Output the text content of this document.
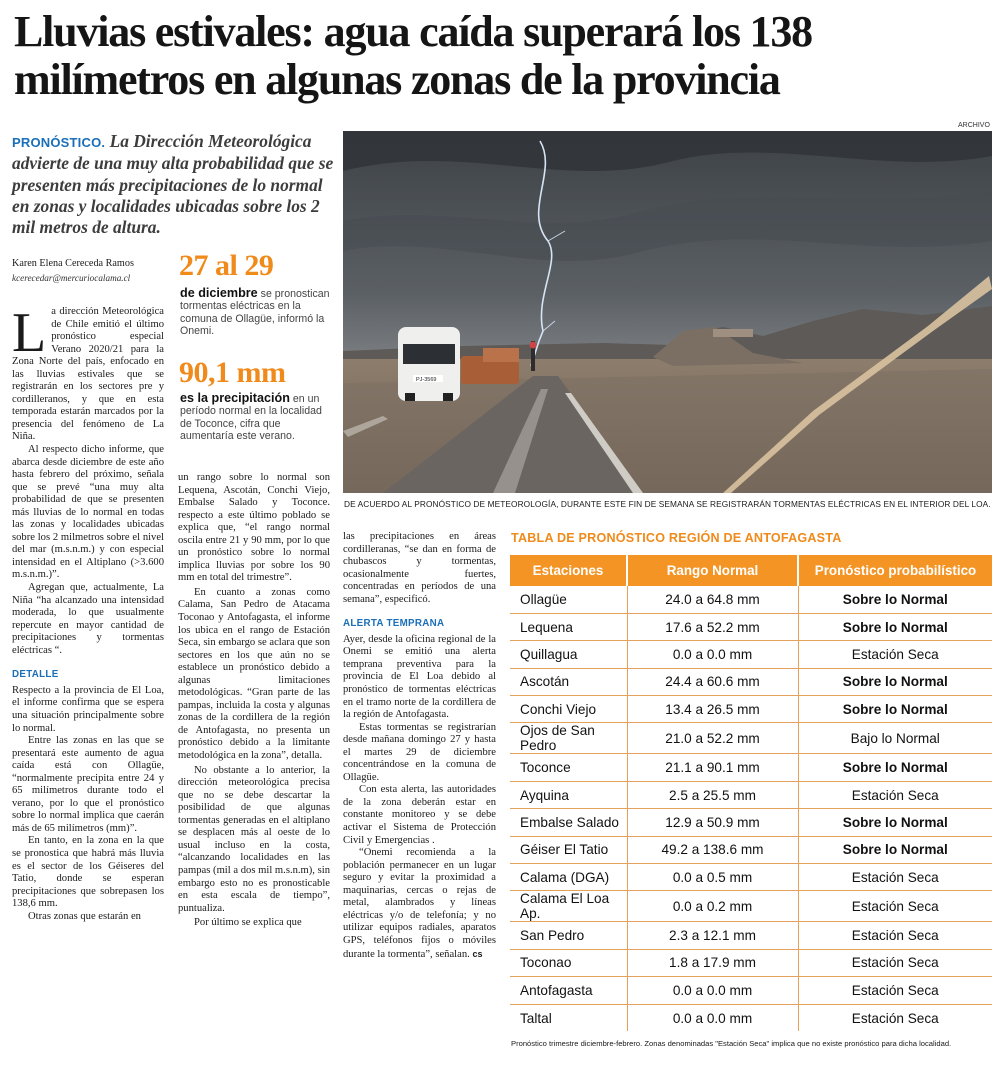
Lluvias estivales: agua caída superará los 138
milímetros en algunas zonas de la provincia
ARCHIVO
PRONÓSTICO. La Dirección Meteorológica advierte de una muy alta probabilidad que se presenten más precipitaciones de lo normal en zonas y localidades ubicadas sobre los 2 mil metros de altura.
Karen Elena Cereceda Ramos
kcerecedar@mercuriocalama.cl

La dirección Meteorológica de Chile emitió el último pronóstico especial Verano 2020/21 para la Zona Norte del país, enfocado en las lluvias estivales que se registrarán en los sectores pre y cordilleranos, y que en esta temporada estarán marcados por la presencia del fenómeno de La Niña.

Al respecto dicho informe, que abarca desde diciembre de este año hasta febrero del próximo, señala que se prevé “una muy alta probabilidad de que se presenten más lluvias de lo normal en todas las zonas y localidades ubicadas sobre los 2 milmetros sobre el nivel del mar (m.s.n.m.) y con especial intensidad en el Altiplano (>3.600 m.s.n.m.)”.

Agregan que, actualmente, La Niña “ha alcanzado una intensidad moderada, lo que usualmente repercute en mayor cantidad de precipitaciones y tormentas eléctricas “.

DETALLE

Respecto a la provincia de El Loa, el informe confirma que se espera una situación principalmente sobre lo normal.

Entre las zonas en las que se presentará este aumento de agua caída está con Ollagüe, “normalmente precipita entre 24 y 65 milímetros durante todo el verano, por lo que el pronóstico sobre lo normal implica que caerán más de 65 milímetros (mm)”.

En tanto, en la zona en la que se pronostica que habrá más lluvia es el sector de los Géiseres del Tatio, donde se esperan precipitaciones que sobrepasen los 138,6 mm.

Otras zonas que estarán en

27 al 29
de diciembre se pronostican tormentas eléctricas en la comuna de Ollagüe, informó la Onemi.
90,1 mm
es la precipitación en un período normal en la localidad de Toconce, cifra que aumentaría este verano.

un rango sobre lo normal son Lequena, Ascotán, Conchi Viejo, Embalse Salado y Toconce. respecto a este último poblado se explica que, “el rango normal oscila entre 21 y 90 mm, por lo que un pronóstico sobre lo normal implica lluvias por sobre los 90 mm en total del trimestre”.

En cuanto a zonas como Calama, San Pedro de Atacama Toconao y Antofagasta, el informe los ubica en el rango de Estación Seca, sin embargo se aclara que son sectores en los que aún no se establece un pronóstico debido a algunas limitaciones metodológicas. “Gran parte de las pampas, incluida la costa y algunas zonas de la cordillera de la región de Antofagasta, no presenta un pronóstico debido a la limitante metodológica en la zona”, detalla.

No obstante a lo anterior, la dirección meteorológica precisa que no se debe descartar la posibilidad de que algunas tormentas generadas en el altiplano se desplacen más al oeste de lo usual incluso en la costa, “alcanzando localidades en las pampas (mil a dos mil m.s.n.m), sin embargo esto no es pronosticable en esta escala de tiempo”, puntualiza.

Por último se explica que

las precipitaciones en áreas cordilleranas, “se dan en forma de chubascos y tormentas, ocasionalmente fuertes, concentradas en períodos de una semana”, especificó.

ALERTA TEMPRANA

Ayer, desde la oficina regional de la Onemi se emitió una alerta temprana preventiva para la provincia de El Loa debido al pronóstico de tormentas eléctricas en el tramo norte de la cordillera de la región de Antofagasta.

Estas tormentas se registrarían desde mañana domingo 27 y hasta el martes 29 de diciembre concentrándose en la comuna de Ollagüe.

Con esta alerta, las autoridades de la zona deberán estar en constante monitoreo y se debe activar el Sistema de Protección Civil y Emergencias .

“Onemi recomienda a la población permanecer en un lugar seguro y evitar la proximidad a maquinarias, cercas o rejas de metal, alambrados y líneas eléctricas y/o de telefonía; y no utilizar equipos radiales, aparatos GPS, teléfonos fijos o móviles durante la tormenta”, señalan. cs

PJ-3569
DE ACUERDO AL PRONÓSTICO DE METEOROLOGÍA, DURANTE ESTE FIN DE SEMANA SE REGISTRARÁN TORMENTAS ELÉCTRICAS EN EL INTERIOR DEL LOA.
TABLA DE PRONÓSTICO REGIÓN DE ANTOFAGASTA
Estaciones	Rango Normal	Pronóstico probabilístico
Ollagüe	24.0 a 64.8 mm	Sobre lo Normal
Lequena	17.6 a 52.2 mm	Sobre lo Normal
Quillagua	0.0 a 0.0 mm	Estación Seca
Ascotán	24.4 a 60.6 mm	Sobre lo Normal
Conchi Viejo	13.4 a 26.5 mm	Sobre lo Normal
Ojos de San Pedro	21.0 a 52.2 mm	Bajo lo Normal
Toconce	21.1 a 90.1 mm	Sobre lo Normal
Ayquina	2.5 a 25.5 mm	Estación Seca
Embalse Salado	12.9 a 50.9 mm	Sobre lo Normal
Géiser El Tatio	49.2 a 138.6 mm	Sobre lo Normal
Calama (DGA)	0.0 a 0.5 mm	Estación Seca
Calama El Loa Ap.	0.0 a 0.2 mm	Estación Seca
San Pedro	2.3 a 12.1 mm	Estación Seca
Toconao	1.8 a 17.9 mm	Estación Seca
Antofagasta	0.0 a 0.0 mm	Estación Seca
Taltal	0.0 a 0.0 mm	Estación Seca
Pronóstico trimestre diciembre-febrero. Zonas denominadas "Estación Seca" implica que no existe pronóstico para dicha localidad.
